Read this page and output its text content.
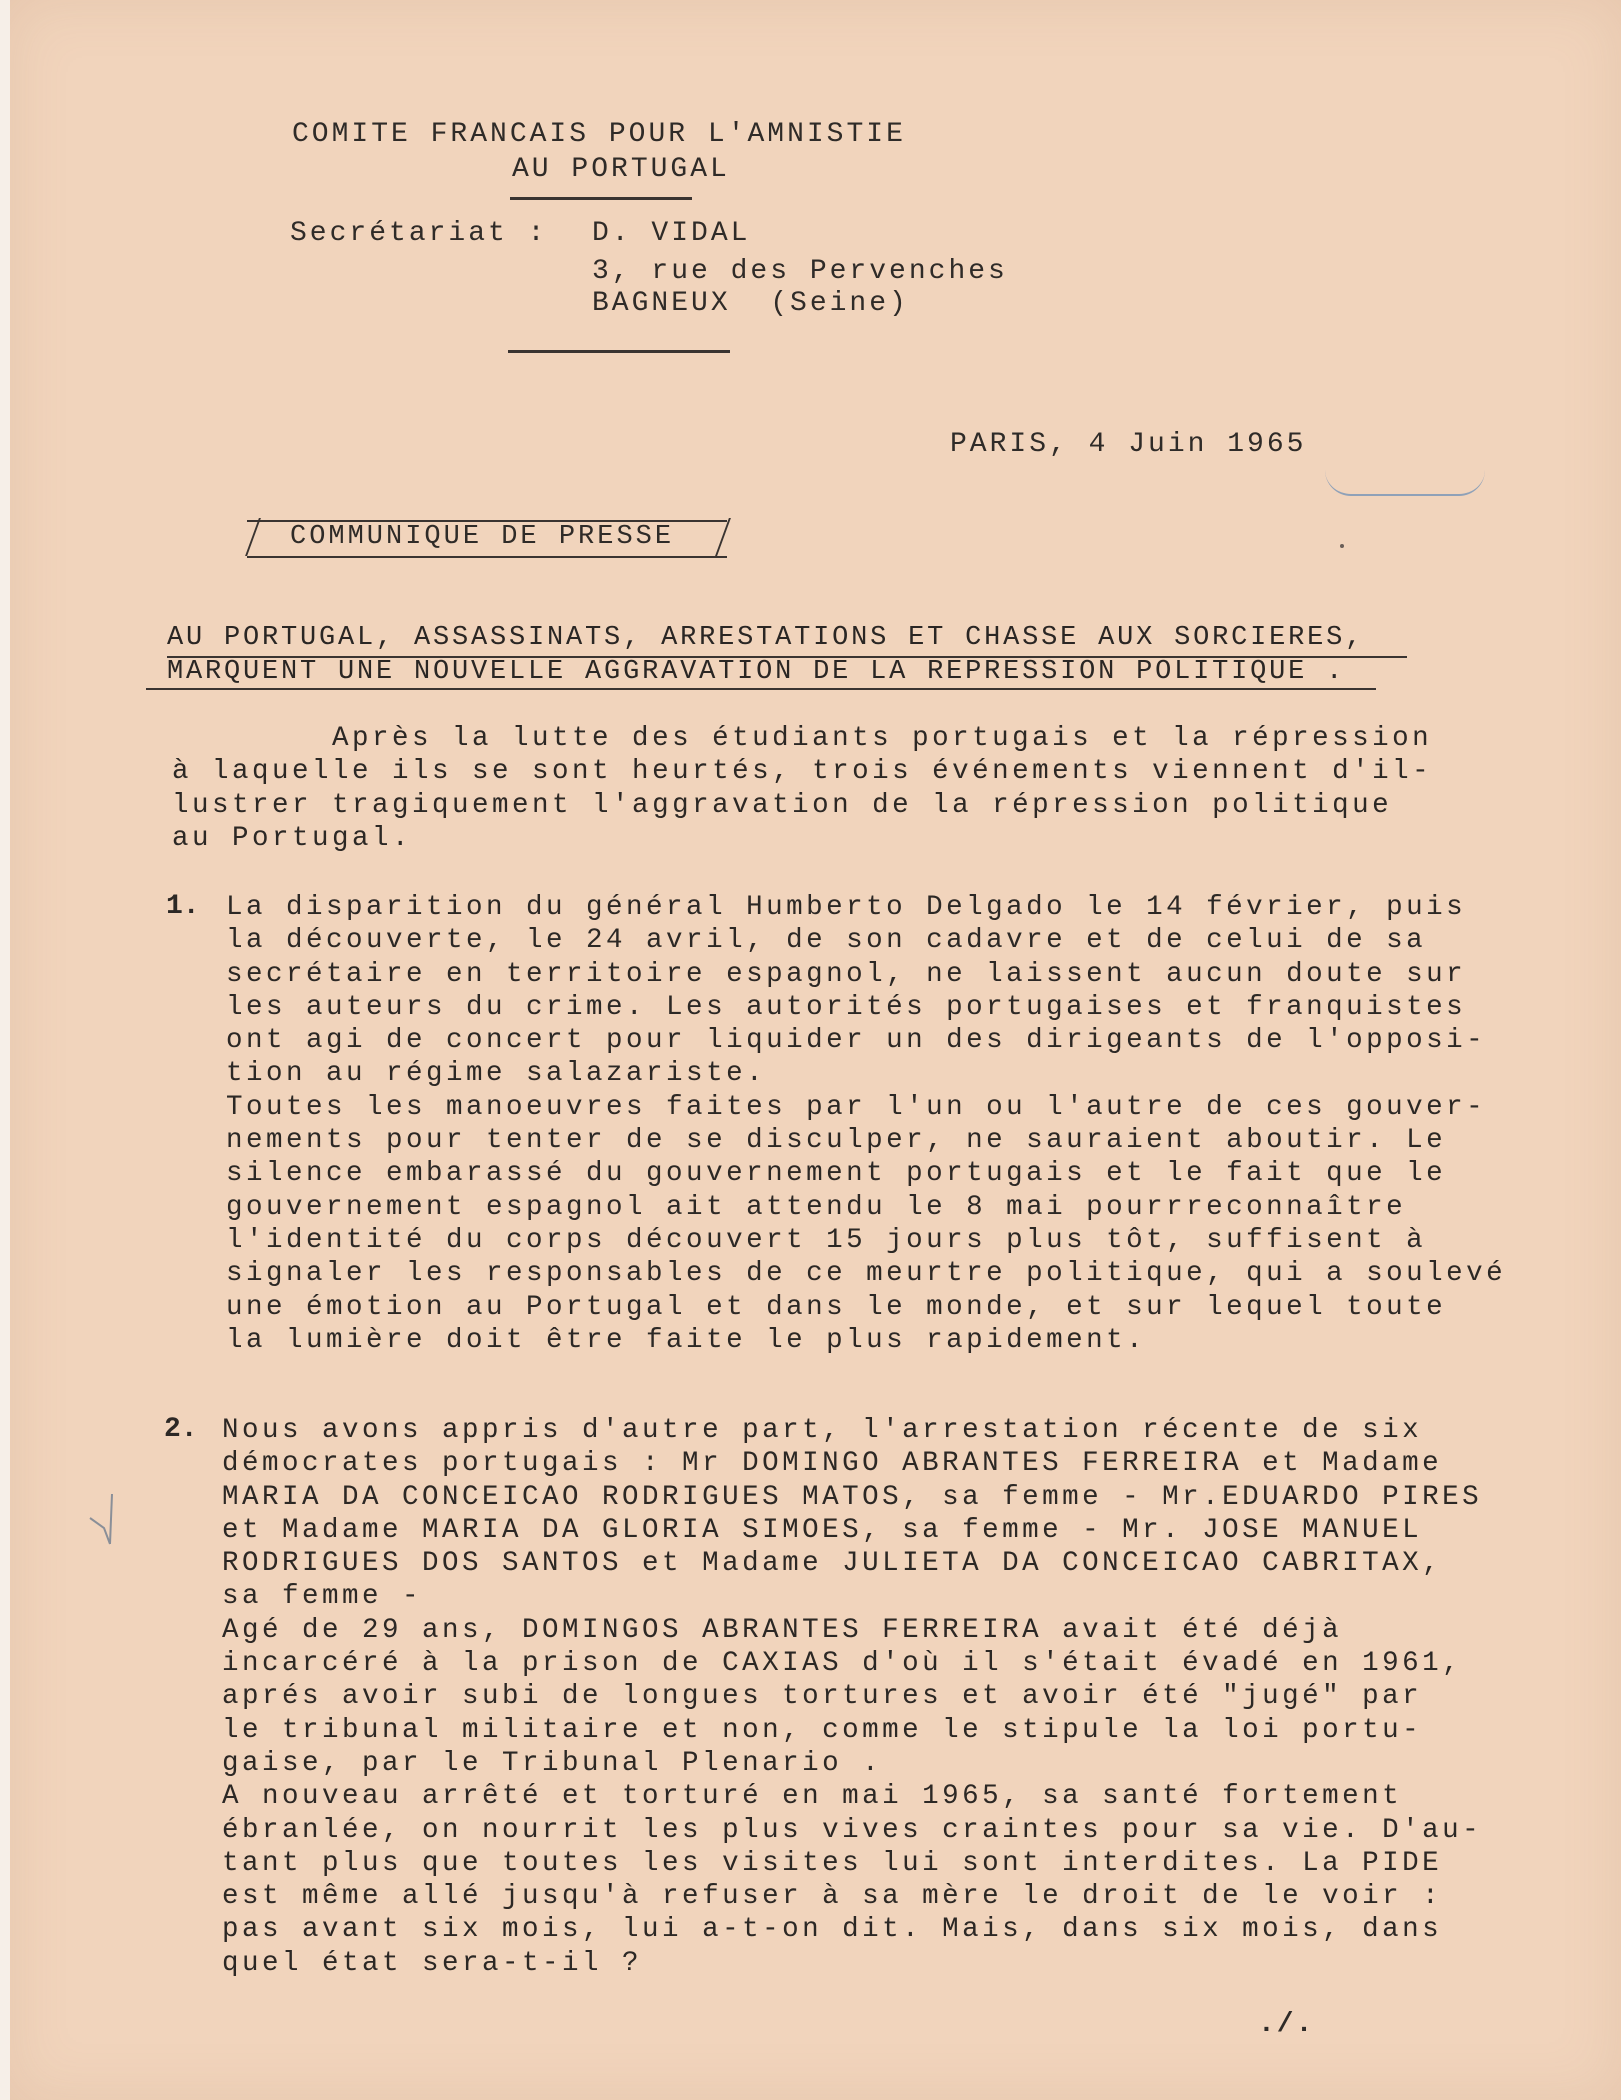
COMITE FRANCAIS POUR L'AMNISTIE
AU PORTUGAL
Secrétariat : D. VIDAL
3, rue des Pervenches
BAGNEUX  (Seine)
PARIS, 4 Juin 1965
COMMUNIQUE DE PRESSE
AU PORTUGAL, ASSASSINATS, ARRESTATIONS ET CHASSE AUX SORCIERES,
MARQUENT UNE NOUVELLE AGGRAVATION DE LA REPRESSION POLITIQUE .
Après la lutte des étudiants portugais et la répression
à laquelle ils se sont heurtés, trois événements viennent d'il-
lustrer tragiquement l'aggravation de la répression politique
au Portugal.
1. La disparition du général Humberto Delgado le 14 février, puis
la découverte, le 24 avril, de son cadavre et de celui de sa
secrétaire en territoire espagnol, ne laissent aucun doute sur
les auteurs du crime. Les autorités portugaises et franquistes
ont agi de concert pour liquider un des dirigeants de l'opposi-
tion au régime salazariste.
Toutes les manoeuvres faites par l'un ou l'autre de ces gouver-
nements pour tenter de se disculper, ne sauraient aboutir. Le
silence embarassé du gouvernement portugais et le fait que le
gouvernement espagnol ait attendu le 8 mai pourrreconnaître
l'identité du corps découvert 15 jours plus tôt, suffisent à
signaler les responsables de ce meurtre politique, qui a soulevé
une émotion au Portugal et dans le monde, et sur lequel toute
la lumière doit être faite le plus rapidement.
2. Nous avons appris d'autre part, l'arrestation récente de six
démocrates portugais : Mr DOMINGO ABRANTES FERREIRA et Madame
MARIA DA CONCEICAO RODRIGUES MATOS, sa femme - Mr.EDUARDO PIRES
et Madame MARIA DA GLORIA SIMOES, sa femme - Mr. JOSE MANUEL
RODRIGUES DOS SANTOS et Madame JULIETA DA CONCEICAO CABRITAX,
sa femme -
Agé de 29 ans, DOMINGOS ABRANTES FERREIRA avait été déjà
incarcéré à la prison de CAXIAS d'où il s'était évadé en 1961,
aprés avoir subi de longues tortures et avoir été "jugé" par
le tribunal militaire et non, comme le stipule la loi portu-
gaise, par le Tribunal Plenario .
A nouveau arrêté et torturé en mai 1965, sa santé fortement
ébranlée, on nourrit les plus vives craintes pour sa vie. D'au-
tant plus que toutes les visites lui sont interdites. La PIDE
est même allé jusqu'à refuser à sa mère le droit de le voir :
pas avant six mois, lui a-t-on dit. Mais, dans six mois, dans
quel état sera-t-il ?
./.
